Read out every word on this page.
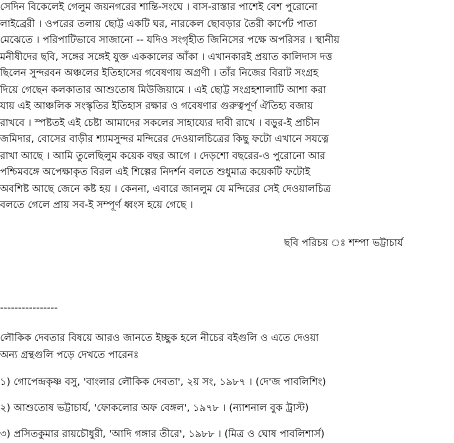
সেদিন বিকেলেই গেলুম জয়নগরের শান্তি-সংঘে । বাস-রাস্তার পাশেই বেশ পুরোনো
লাইব্রেরী । ওপরের তলায় ছোট্ট একটি ঘর, নারকেল ছোবড়ার তৈরী কার্পেট পাতা
মেঝেতে । পরিপাটিভাবে সাজানো -- যদিও সংগৃহীত জিনিসের পক্ষে অপরিসর । স্থানীয়
মনীষীদের ছবি, সঙ্গের সঙ্গেই যুক্ত এককালের আঁকা । এখানকারই প্রয়াত কালিদাস দত্ত
ছিলেন সুন্দরবন অঞ্চলের ইতিহাসের গবেষণায় অগ্রণী । তাঁর নিজের বিরাট সংগ্রহ
দিয়ে গেছেন কলকাতার আশুতোষ মিউজিয়ামে । এই ছোট্ট সংগ্রহশালাটি আশা করা
যায় এই আঞ্চলিক সংস্কৃতির ইতিহাস রক্ষার ও গবেষণার গুরুত্বপূর্ণ ঐতিহ্য বজায়
রাখবে । স্পষ্টতই এই চেষ্টা আমাদের সকলের সাহায্যের দাবী রাখে । বড়ুর-ই প্রাচীন
জমিদার, বোসের বাড়ীর শ্যামসুন্দর মন্দিরের দেওয়ালচিত্রের কিছু ফটো এখানে সযত্নে
রাখা আছে । আমি তুলেছিলুম কয়েক বছর আগে । দেড়শো বছরের-ও পুরোনো আর
পশ্চিমবঙ্গে অপেক্ষাকৃত বিরল এই শিল্পের নিদর্শন বলতে শুধুমাত্র কয়েকটি ফটোই
অবশিষ্ট আছে জেনে কষ্ট হয় । কেননা, এবারে জানলুম যে মন্দিরের সেই দেওয়ালচিত্র
বলতে গেলে প্রায় সব-ই সম্পূর্ণ ধ্বংস হয়ে গেছে ।
ছবি পরিচয় ঃ শম্পা ভট্টাচার্য
----------------
লৌকিক দেবতার বিষয়ে আরও জানতে ইচ্ছুক হলে নীচের বইগুলি ও এতে দেওয়া
অন্য গ্রন্থগুলি পড়ে দেখতে পারেনঃ
১) গোপেন্দ্রকৃষ্ণ বসু, 'বাংলার লৌকিক দেবতা', ২য় সং, ১৯৮৭ । (দে'জ পাবলিশিং)
২) আশুতোষ ভট্টাচার্য, 'ফোকলোর অফ বেঙ্গল', ১৯৭৮ । (ন্যাশনাল বুক ট্রাস্ট)
৩) প্রসিতকুমার রায়চৌধুরী, 'আদি গঙ্গার তীরে', ১৯৮৮ । (মিত্র ও ঘোষ পাবলিশার্স)
